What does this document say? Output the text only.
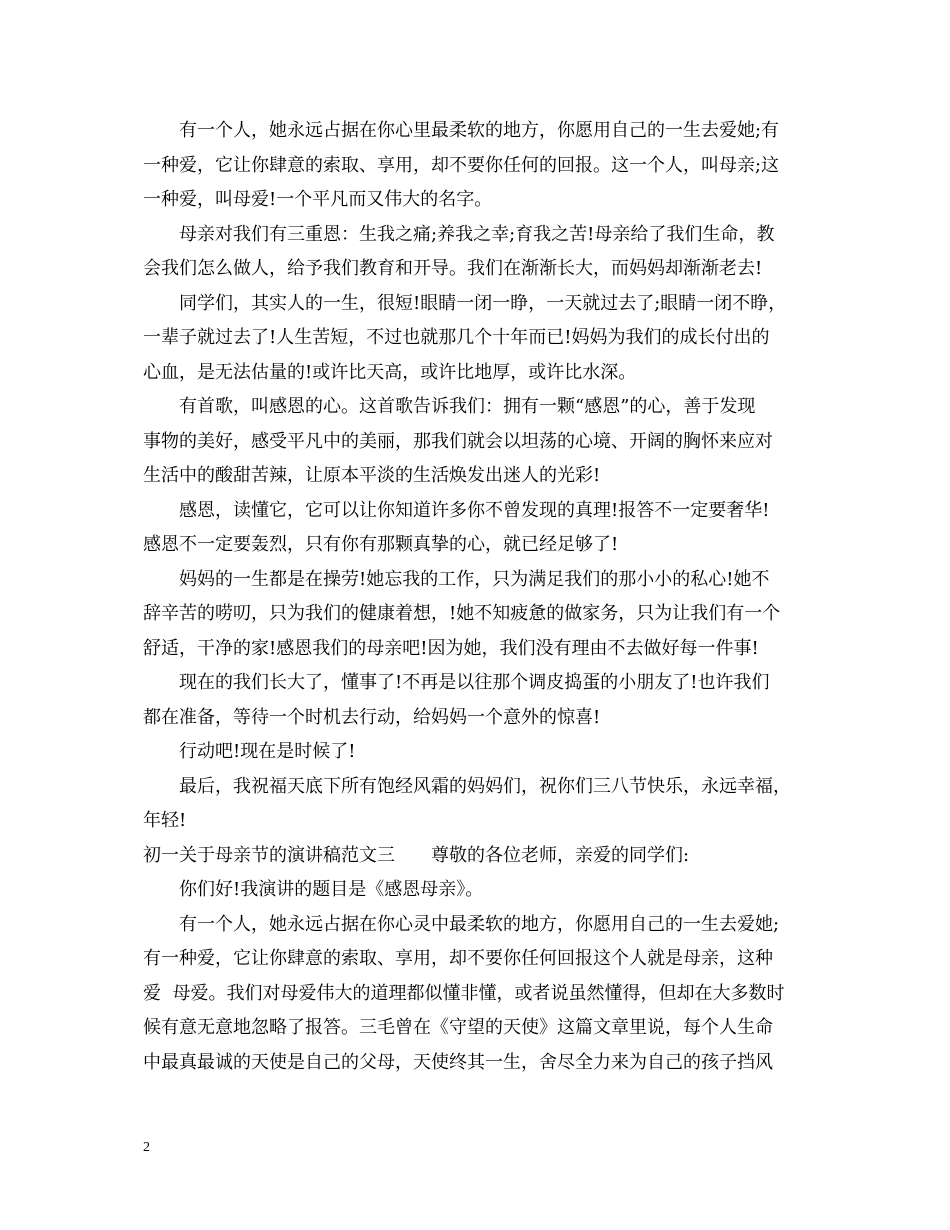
有一个人，她永远占据在你心里最柔软的地方，你愿用自己的一生去爱她;有
一种爱，它让你肆意的索取、享用，却不要你任何的回报。这一个人，叫母亲;这
一种爱，叫母爱!一个平凡而又伟大的名字。
母亲对我们有三重恩：生我之痛;养我之幸;育我之苦!母亲给了我们生命，教
会我们怎么做人，给予我们教育和开导。我们在渐渐长大，而妈妈却渐渐老去!
同学们，其实人的一生，很短!眼睛一闭一睁，一天就过去了;眼睛一闭不睁，
一辈子就过去了!人生苦短，不过也就那几个十年而已!妈妈为我们的成长付出的
心血，是无法估量的!或许比天高，或许比地厚，或许比水深。
有首歌，叫感恩的心。这首歌告诉我们：拥有一颗“感恩”的心，善于发现
事物的美好，感受平凡中的美丽，那我们就会以坦荡的心境、开阔的胸怀来应对
生活中的酸甜苦辣，让原本平淡的生活焕发出迷人的光彩!
感恩，读懂它，它可以让你知道许多你不曾发现的真理!报答不一定要奢华!
感恩不一定要轰烈，只有你有那颗真挚的心，就已经足够了!
妈妈的一生都是在操劳!她忘我的工作，只为满足我们的那小小的私心!她不
辞辛苦的唠叨，只为我们的健康着想，!她不知疲惫的做家务，只为让我们有一个
舒适，干净的家!感恩我们的母亲吧!因为她，我们没有理由不去做好每一件事!
现在的我们长大了，懂事了!不再是以往那个调皮捣蛋的小朋友了!也许我们
都在准备，等待一个时机去行动，给妈妈一个意外的惊喜!
行动吧!现在是时候了!
最后，我祝福天底下所有饱经风霜的妈妈们，祝你们三八节快乐，永远幸福，
年轻!
初一关于母亲节的演讲稿范文三　　尊敬的各位老师，亲爱的同学们:
你们好!我演讲的题目是《感恩母亲》。
有一个人，她永远占据在你心灵中最柔软的地方，你愿用自己的一生去爱她;
有一种爱，它让你肆意的索取、享用，却不要你任何回报这个人就是母亲，这种
爱  母爱。我们对母爱伟大的道理都似懂非懂，或者说虽然懂得，但却在大多数时
候有意无意地忽略了报答。三毛曾在《守望的天使》这篇文章里说，每个人生命
中最真最诚的天使是自己的父母，天使终其一生，舍尽全力来为自己的孩子挡风
2
